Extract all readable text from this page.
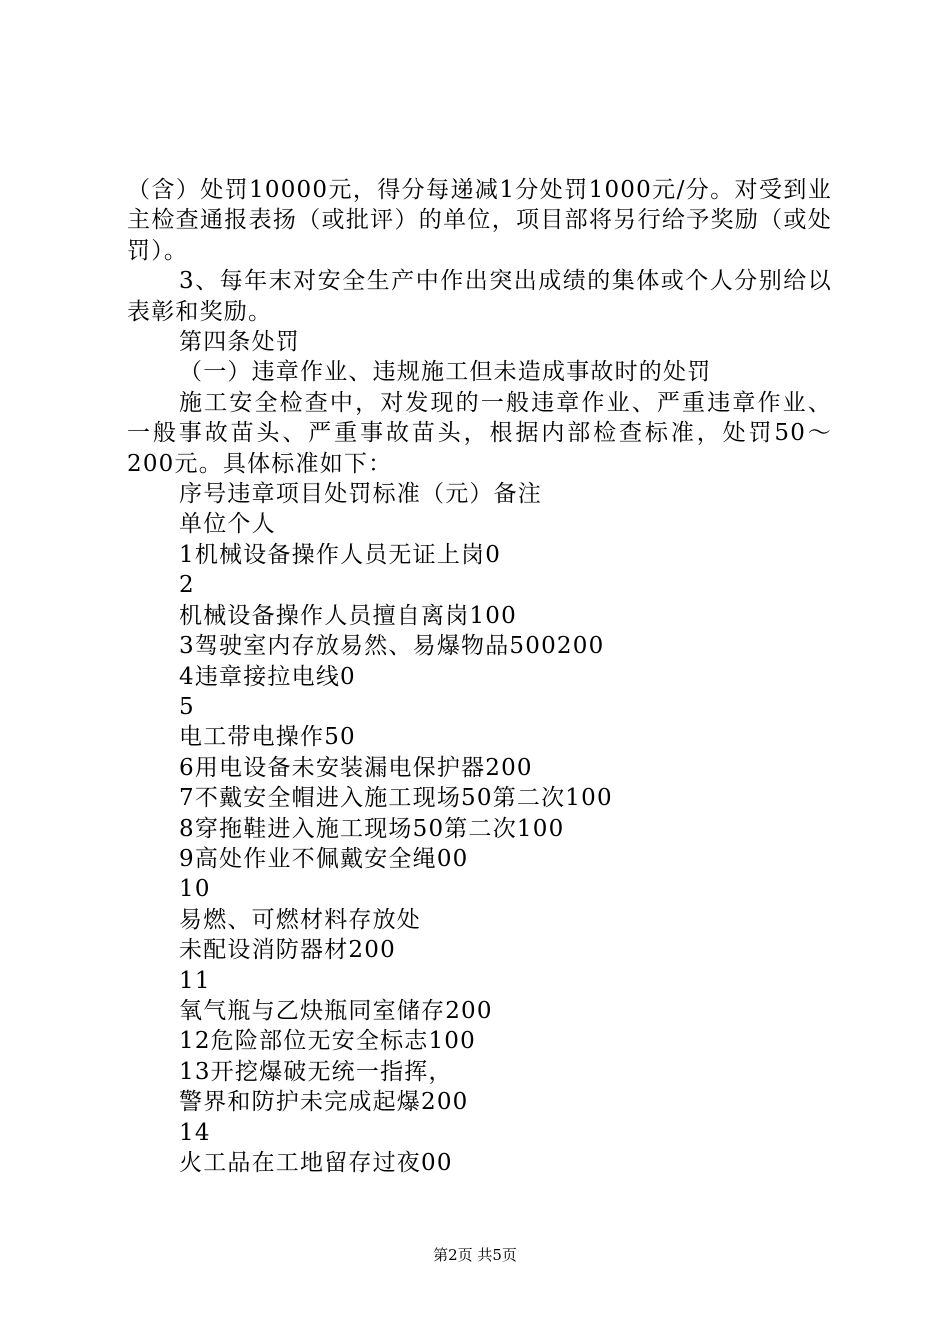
（含）处罚10000元，得分每递减1分处罚1000元/分。对受到业主检查通报表扬（或批评）的单位，项目部将另行给予奖励（或处罚）。

3、每年末对安全生产中作出突出成绩的集体或个人分别给以表彰和奖励。

第四条处罚

（一）违章作业、违规施工但未造成事故时的处罚

施工安全检查中，对发现的一般违章作业、严重违章作业、一般事故苗头、严重事故苗头，根据内部检查标准，处罚50～200元。具体标准如下：

序号违章项目处罚标准（元）备注

单位个人

1机械设备操作人员无证上岗0

2

机械设备操作人员擅自离岗100

3驾驶室内存放易然、易爆物品500200

4违章接拉电线0

5

电工带电操作50

6用电设备未安装漏电保护器200

7不戴安全帽进入施工现场50第二次100

8穿拖鞋进入施工现场50第二次100

9高处作业不佩戴安全绳00

10

易燃、可燃材料存放处

未配设消防器材200

11

氧气瓶与乙炔瓶同室储存200

12危险部位无安全标志100

13开挖爆破无统一指挥，

警界和防护未完成起爆200

14

火工品在工地留存过夜00

第2页 共5页
